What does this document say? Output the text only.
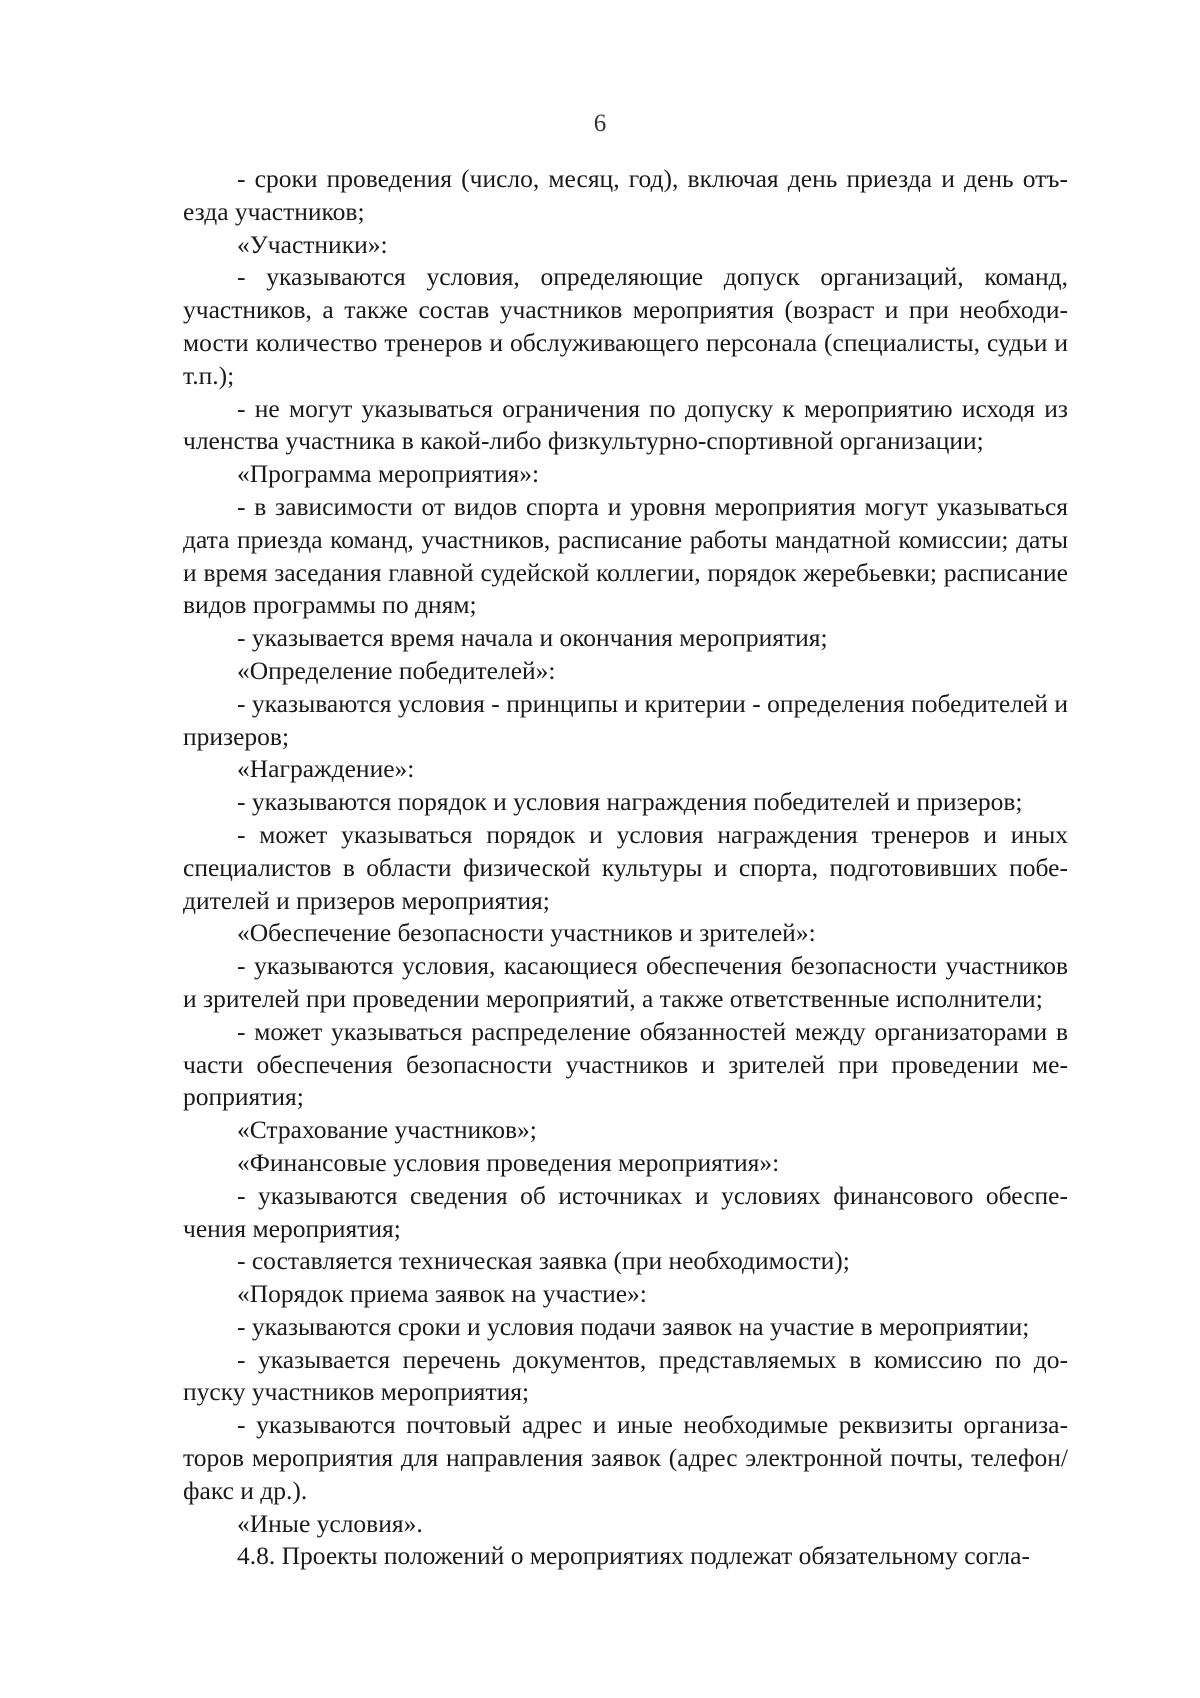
6

- сроки проведения (число, месяц, год), включая день приезда и день отъезда участников;

«Участники»:

- указываются условия, определяющие допуск организаций, команд, участников, а также состав участников мероприятия (возраст и при необходимости количество тренеров и обслуживающего персонала (специалисты, судьи и т.п.);

- не могут указываться ограничения по допуску к мероприятию исходя из членства участника в какой-либо физкультурно-спортивной организации;

«Программа мероприятия»:

- в зависимости от видов спорта и уровня мероприятия могут указываться дата приезда команд, участников, расписание работы мандатной комиссии; даты и время заседания главной судейской коллегии, порядок жеребьевки; расписание видов программы по дням;

- указывается время начала и окончания мероприятия;

«Определение победителей»:

- указываются условия - принципы и критерии - определения победителей и призеров;

«Награждение»:

- указываются порядок и условия награждения победителей и призеров;

- может указываться порядок и условия награждения тренеров и иных специалистов в области физической культуры и спорта, подготовивших победителей и призеров мероприятия;

«Обеспечение безопасности участников и зрителей»:

- указываются условия, касающиеся обеспечения безопасности участников и зрителей при проведении мероприятий, а также ответственные исполнители;

- может указываться распределение обязанностей между организаторами в части обеспечения безопасности участников и зрителей при проведении мероприятия;

«Страхование участников»;

«Финансовые условия проведения мероприятия»:

- указываются сведения об источниках и условиях финансового обеспечения мероприятия;

- составляется техническая заявка (при необходимости);

«Порядок приема заявок на участие»:

- указываются сроки и условия подачи заявок на участие в мероприятии;

- указывается перечень документов, представляемых в комиссию по допуску участников мероприятия;

- указываются почтовый адрес и иные необходимые реквизиты организаторов мероприятия для направления заявок (адрес электронной почты, телефон/факс и др.).

«Иные условия».

4.8. Проекты положений о мероприятиях подлежат обязательному согла-
